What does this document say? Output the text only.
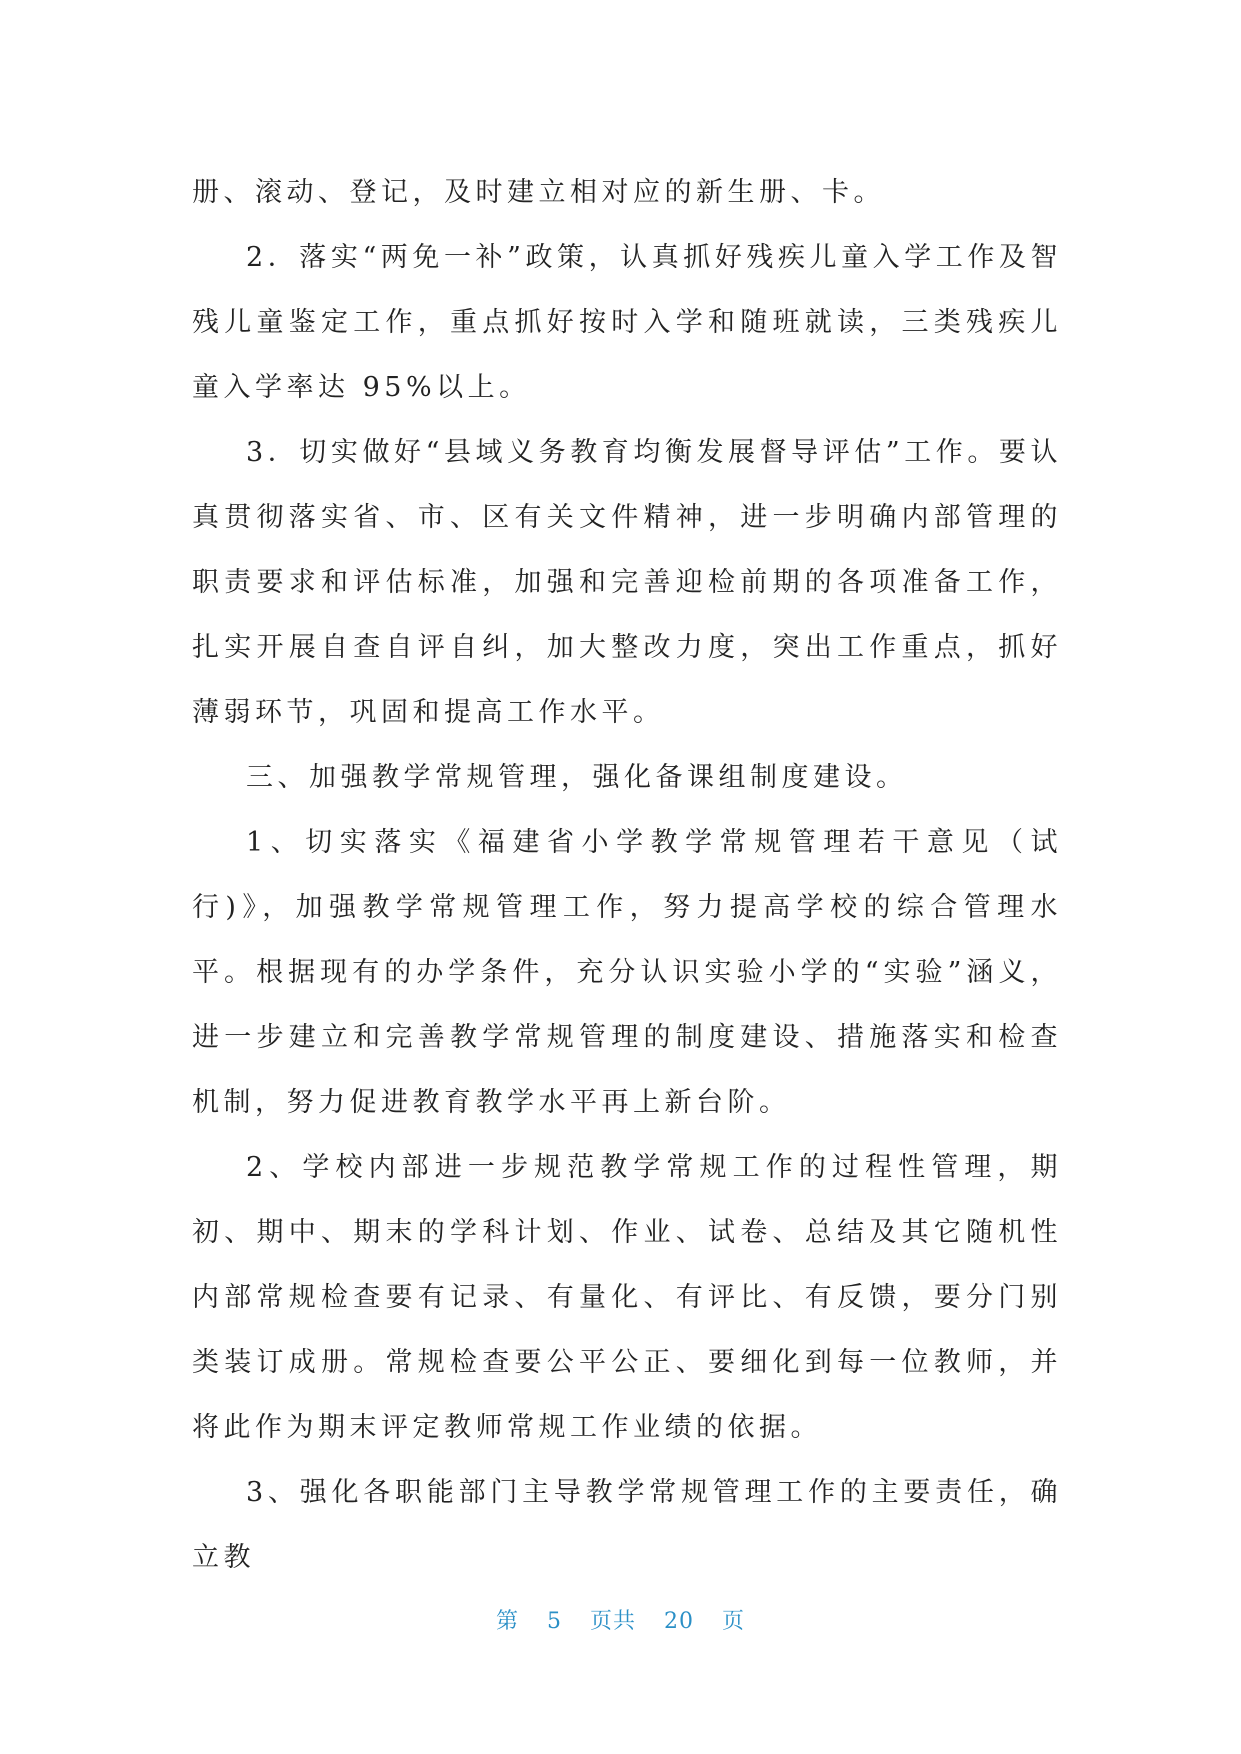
册、滚动、登记，及时建立相对应的新生册、卡。

2．落实“两免一补”政策，认真抓好残疾儿童入学工作及智残儿童鉴定工作，重点抓好按时入学和随班就读，三类残疾儿童入学率达 95%以上。

3．切实做好“县域义务教育均衡发展督导评估”工作。要认真贯彻落实省、市、区有关文件精神，进一步明确内部管理的职责要求和评估标准，加强和完善迎检前期的各项准备工作，扎实开展自查自评自纠，加大整改力度，突出工作重点，抓好薄弱环节，巩固和提高工作水平。

三、加强教学常规管理，强化备课组制度建设。

1、切实落实《福建省小学教学常规管理若干意见（试行)》，加强教学常规管理工作，努力提高学校的综合管理水平。根据现有的办学条件，充分认识实验小学的“实验”涵义，进一步建立和完善教学常规管理的制度建设、措施落实和检查机制，努力促进教育教学水平再上新台阶。

2、学校内部进一步规范教学常规工作的过程性管理，期初、期中、期末的学科计划、作业、试卷、总结及其它随机性内部常规检查要有记录、有量化、有评比、有反馈，要分门别类装订成册。常规检查要公平公正、要细化到每一位教师，并将此作为期末评定教师常规工作业绩的依据。

3、强化各职能部门主导教学常规管理工作的主要责任，确立教

第 5 页共 20 页
